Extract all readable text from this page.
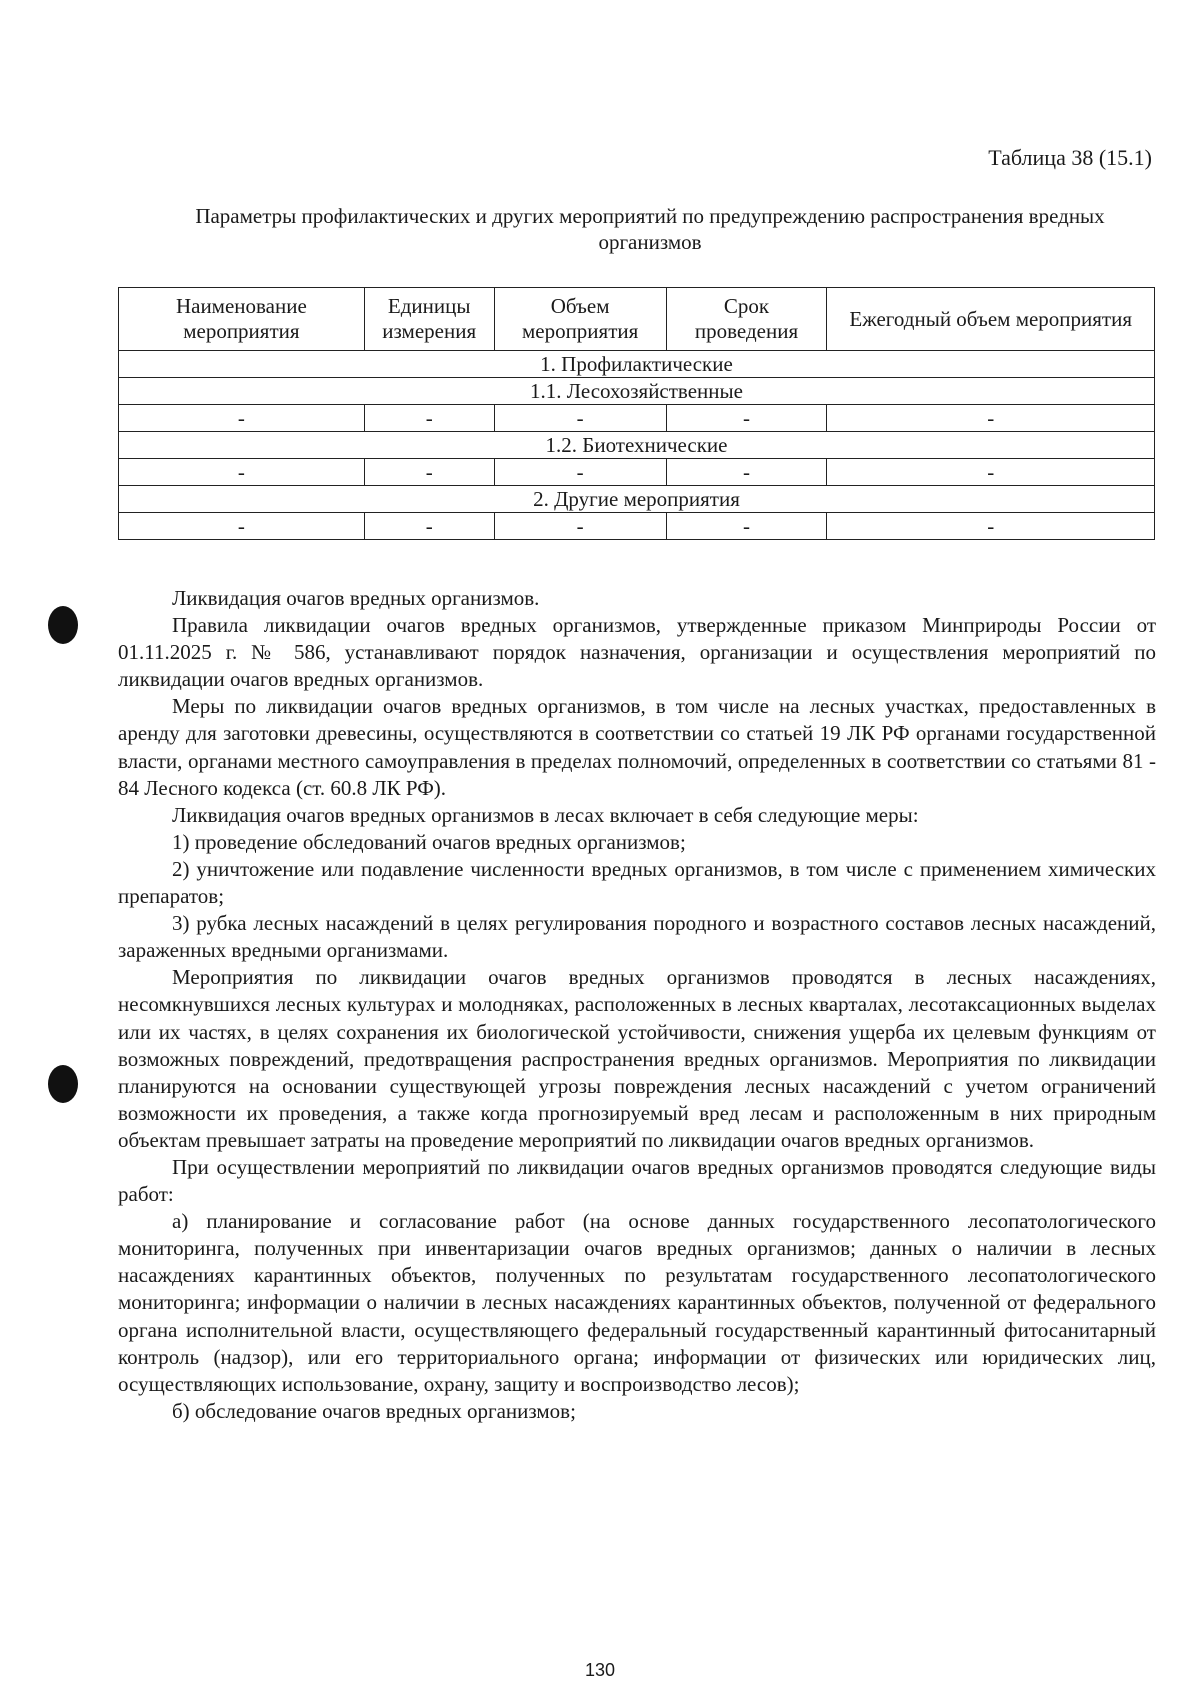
Таблица 38 (15.1)
Параметры профилактических и других мероприятий по предупреждению распространения вредных организмов
Наименование мероприятия	Единицы измерения	Объем мероприятия	Срок проведения	Ежегодный объем мероприятия
1. Профилактические				
1.1. Лесохозяйственные				
-	-	-	-	-
1.2. Биотехнические				
-	-	-	-	-
2. Другие мероприятия				
-	-	-	-	-

Ликвидация очагов вредных организмов.

Правила ликвидации очагов вредных организмов, утвержденные приказом Минприроды России от 01.11.2025 г. № 586, устанавливают порядок назначения, организации и осуществления мероприятий по ликвидации очагов вредных организмов.

Меры по ликвидации очагов вредных организмов, в том числе на лесных участках, предоставленных в аренду для заготовки древесины, осуществляются в соответствии со статьей 19 ЛК РФ органами государственной власти, органами местного самоуправления в пределах полномочий, определенных в соответствии со статьями 81 - 84 Лесного кодекса (ст. 60.8 ЛК РФ).

Ликвидация очагов вредных организмов в лесах включает в себя следующие меры:

1) проведение обследований очагов вредных организмов;

2) уничтожение или подавление численности вредных организмов, в том числе с применением химических препаратов;

3) рубка лесных насаждений в целях регулирования породного и возрастного составов лесных насаждений, зараженных вредными организмами.

Мероприятия по ликвидации очагов вредных организмов проводятся в лесных насаждениях, несомкнувшихся лесных культурах и молодняках, расположенных в лесных кварталах, лесотаксационных выделах или их частях, в целях сохранения их биологической устойчивости, снижения ущерба их целевым функциям от возможных повреждений, предотвращения распространения вредных организмов. Мероприятия по ликвидации планируются на основании существующей угрозы повреждения лесных насаждений с учетом ограничений возможности их проведения, а также когда прогнозируемый вред лесам и расположенным в них природным объектам превышает затраты на проведение мероприятий по ликвидации очагов вредных организмов.

При осуществлении мероприятий по ликвидации очагов вредных организмов проводятся следующие виды работ:

а) планирование и согласование работ (на основе данных государственного лесопатологического мониторинга, полученных при инвентаризации очагов вредных организмов; данных о наличии в лесных насаждениях карантинных объектов, полученных по результатам государственного лесопатологического мониторинга; информации о наличии в лесных насаждениях карантинных объектов, полученной от федерального органа исполнительной власти, осуществляющего федеральный государственный карантинный фитосанитарный контроль (надзор), или его территориального органа; информации от физических или юридических лиц, осуществляющих использование, охрану, защиту и воспроизводство лесов);

б) обследование очагов вредных организмов;

130
